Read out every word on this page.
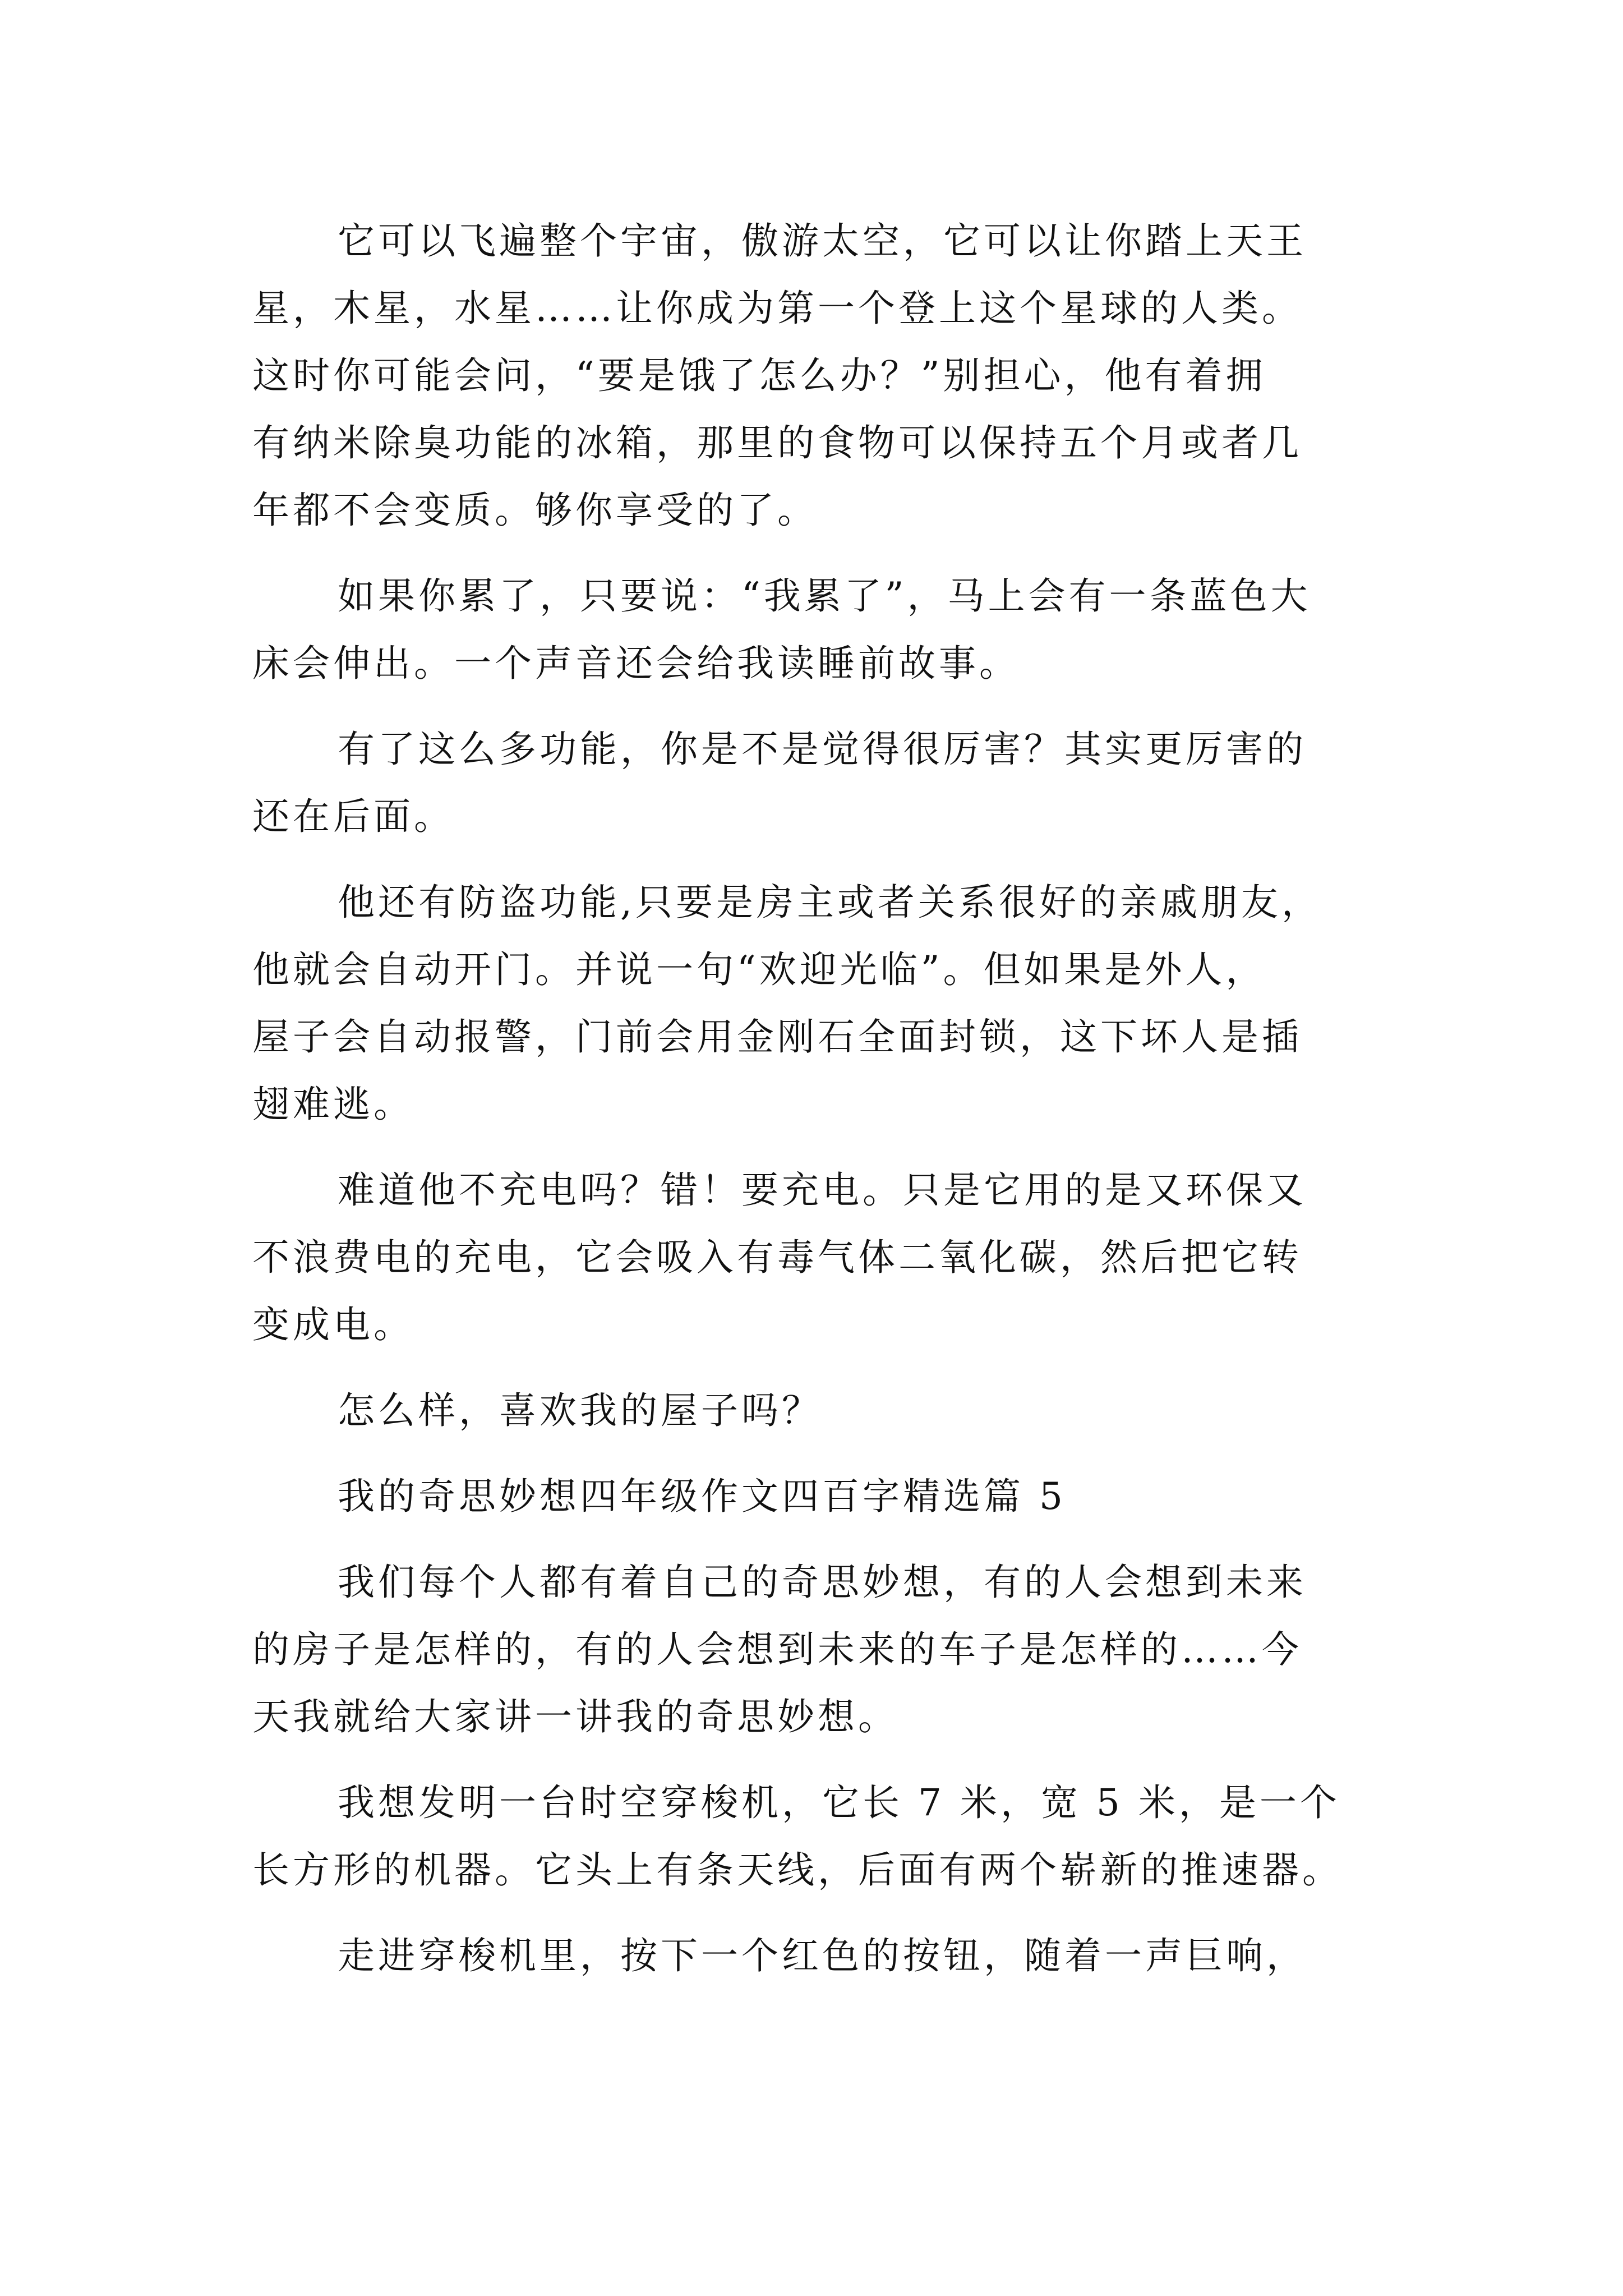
它可以飞遍整个宇宙，傲游太空，它可以让你踏上天王
星，木星，水星……让你成为第一个登上这个星球的人类。
这时你可能会问，“要是饿了怎么办？”别担心，他有着拥
有纳米除臭功能的冰箱，那里的食物可以保持五个月或者几
年都不会变质。够你享受的了。
如果你累了，只要说：“我累了”，马上会有一条蓝色大
床会伸出。一个声音还会给我读睡前故事。
有了这么多功能，你是不是觉得很厉害？其实更厉害的
还在后面。
他还有防盗功能,只要是房主或者关系很好的亲戚朋友，
他就会自动开门。并说一句“欢迎光临”。但如果是外人，
屋子会自动报警，门前会用金刚石全面封锁，这下坏人是插
翅难逃。
难道他不充电吗？错！要充电。只是它用的是又环保又
不浪费电的充电，它会吸入有毒气体二氧化碳，然后把它转
变成电。
怎么样，喜欢我的屋子吗？
我的奇思妙想四年级作文四百字精选篇 5
我们每个人都有着自己的奇思妙想，有的人会想到未来
的房子是怎样的，有的人会想到未来的车子是怎样的……今
天我就给大家讲一讲我的奇思妙想。
我想发明一台时空穿梭机，它长 7 米，宽 5 米，是一个
长方形的机器。它头上有条天线，后面有两个崭新的推速器。
走进穿梭机里，按下一个红色的按钮，随着一声巨响，
